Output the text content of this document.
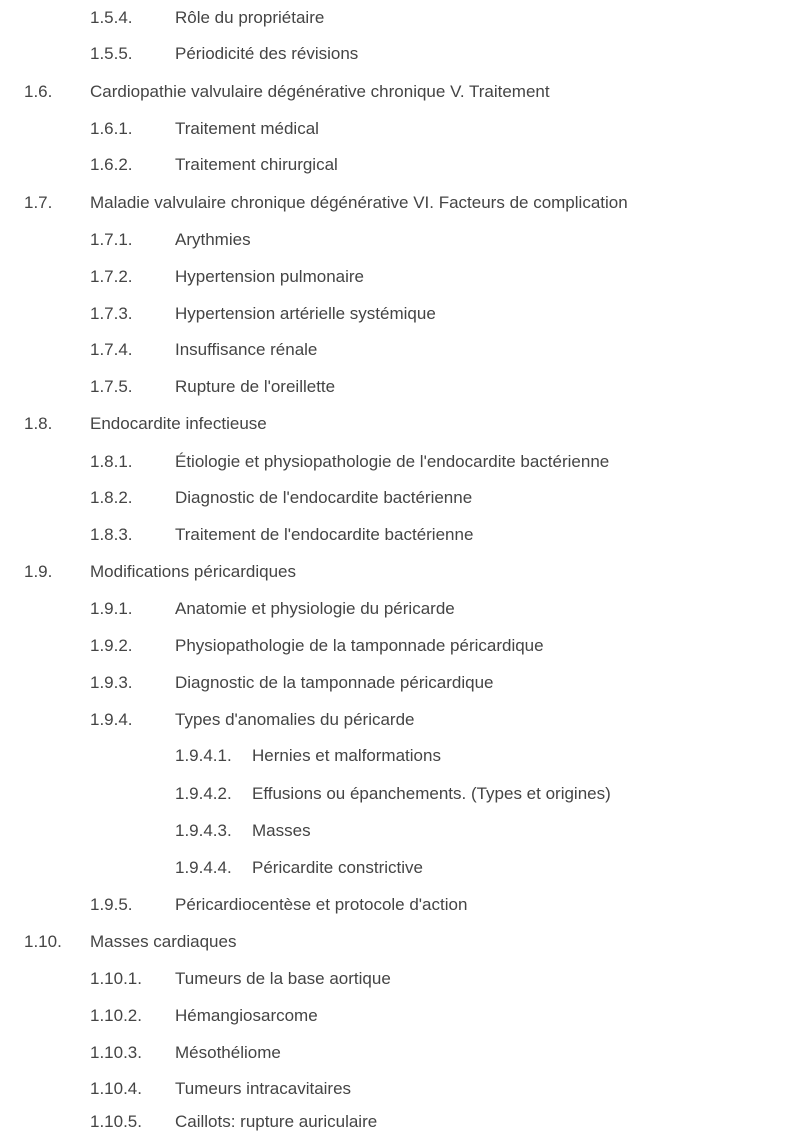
1.5.4. Rôle du propriétaire
1.5.5. Périodicité des révisions
1.6. Cardiopathie valvulaire dégénérative chronique V. Traitement
1.6.1. Traitement médical
1.6.2. Traitement chirurgical
1.7. Maladie valvulaire chronique dégénérative VI. Facteurs de complication
1.7.1. Arythmies
1.7.2. Hypertension pulmonaire
1.7.3. Hypertension artérielle systémique
1.7.4. Insuffisance rénale
1.7.5. Rupture de l'oreillette
1.8. Endocardite infectieuse
1.8.1. Étiologie et physiopathologie de l'endocardite bactérienne
1.8.2. Diagnostic de l'endocardite bactérienne
1.8.3. Traitement de l'endocardite bactérienne
1.9. Modifications péricardiques
1.9.1. Anatomie et physiologie du péricarde
1.9.2. Physiopathologie de la tamponnade péricardique
1.9.3. Diagnostic de la tamponnade péricardique
1.9.4. Types d'anomalies du péricarde
1.9.4.1. Hernies et malformations
1.9.4.2. Effusions ou épanchements. (Types et origines)
1.9.4.3. Masses
1.9.4.4. Péricardite constrictive
1.9.5. Péricardiocentèse et protocole d'action
1.10. Masses cardiaques
1.10.1. Tumeurs de la base aortique
1.10.2. Hémangiosarcome
1.10.3. Mésothéliome
1.10.4. Tumeurs intracavitaires
1.10.5. Caillots: rupture auriculaire
